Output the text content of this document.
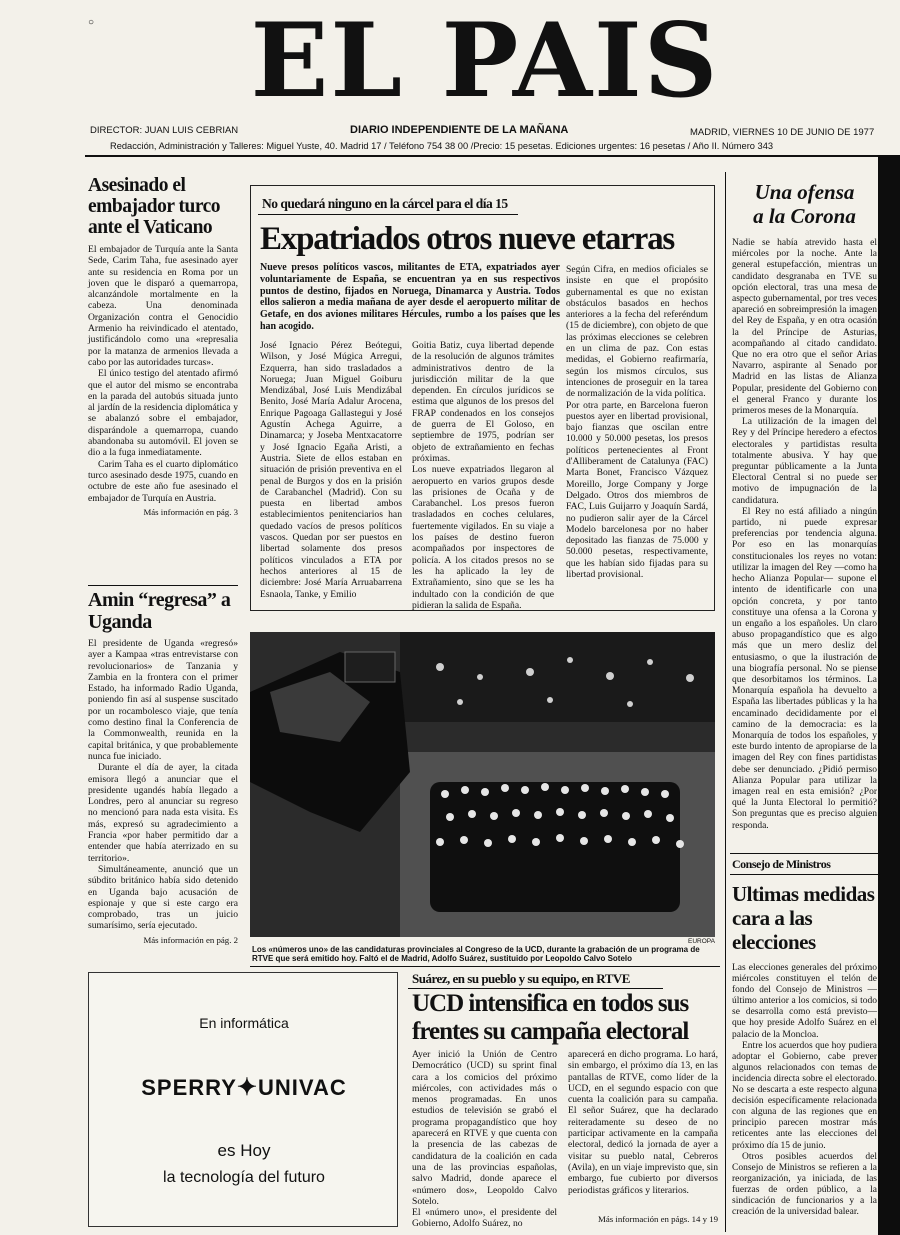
○ EL PAIS
DIRECTOR: JUAN LUIS CEBRIAN	DIARIO INDEPENDIENTE DE LA MAÑANA	MADRID, VIERNES 10 DE JUNIO DE 1977
Redacción, Administración y Talleres: Miguel Yuste, 40. Madrid 17 / Teléfono 754 38 00 /Precio: 15 pesetas. Ediciones urgentes: 16 pesetas / Año II. Número 343
Asesinado el embajador turco ante el Vaticano

El embajador de Turquía ante la Santa Sede, Carim Taha, fue asesinado ayer ante su residencia en Roma por un joven que le disparó a quemarropa, alcanzándole mortalmente en la cabeza. Una denominada Organización contra el Genocidio Armenio ha reivindicado el atentado, justificándolo como una «represalia por la matanza de armenios llevada a cabo por las autoridades turcas».

El único testigo del atentado afirmó que el autor del mismo se encontraba en la parada del autobús situada junto al jardín de la residencia diplomática y se abalanzó sobre el embajador, disparándole a quemarropa, cuando abandonaba su automóvil. El joven se dio a la fuga inmediatamente.

Carim Taha es el cuarto diplomático turco asesinado desde 1975, cuando en octubre de este año fue asesinado el embajador de Turquía en Austria.

Más información en pág. 3
Amin “regresa” a Uganda

El presidente de Uganda «regresó» ayer a Kampaa «tras entrevistarse con revolucionarios» de Tanzania y Zambia en la frontera con el primer Estado, ha informado Radio Uganda, poniendo fin así al suspense suscitado por un rocambolesco viaje, que tenía como destino final la Conferencia de la Commonwealth, reunida en la capital británica, y que probablemente nunca fue iniciado.

Durante el día de ayer, la citada emisora llegó a anunciar que el presidente ugandés había llegado a Londres, pero al anunciar su regreso no mencionó para nada esta visita. Es más, expresó su agradecimiento a Francia «por haber permitido dar a entender que había aterrizado en su territorio».

Simultáneamente, anunció que un súbdito británico había sido detenido en Uganda bajo acusación de espionaje y que si este cargo era comprobado, tras un juicio sumarísimo, sería ejecutado.

Más información en pág. 2
No quedará ninguno en la cárcel para el día 15
Expatriados otros nueve etarras
Nueve presos políticos vascos, militantes de ETA, expatriados ayer voluntariamente de España, se encuentran ya en sus respectivos puntos de destino, fijados en Noruega, Dinamarca y Austria. Todos ellos salieron a media mañana de ayer desde el aeropuerto militar de Getafe, en dos aviones militares Hércules, rumbo a los países que les han acogido.
José Ignacio Pérez Beótegui, Wilson, y José Múgica Arregui, Ezquerra, han sido trasladados a Noruega; Juan Miguel Goiburu Mendizábal, José Luis Mendizábal Benito, José María Adalur Arocena, Enrique Pagoaga Gallastegui y José Agustín Achega Aguirre, a Dinamarca; y Joseba Mentxacatorre y José Ignacio Egaña Aristi, a Austria. Siete de ellos estaban en situación de prisión preventiva en el penal de Burgos y dos en la prisión de Carabanchel (Madrid). Con su puesta en libertad ambos establecimientos penitenciarios han quedado vacíos de presos políticos vascos. Quedan por ser puestos en libertad solamente dos presos políticos vinculados a ETA por hechos anteriores al 15 de diciembre: José María Arruabarrena Esnaola, Tanke, y Emilio
Goitia Batiz, cuya libertad depende de la resolución de algunos trámites administrativos dentro de la jurisdicción militar de la que dependen. En círculos jurídicos se estima que algunos de los presos del FRAP condenados en los consejos de guerra de El Goloso, en septiembre de 1975, podrían ser objeto de extrañamiento en fechas próximas.
Los nueve expatriados llegaron al aeropuerto en varios grupos desde las prisiones de Ocaña y de Carabanchel. Los presos fueron trasladados en coches celulares, fuertemente vigilados. En su viaje a los países de destino fueron acompañados por inspectores de policía. A los citados presos no se les ha aplicado la ley de Extrañamiento, sino que se les ha indultado con la condición de que pidieran la salida de España.
Según Cifra, en medios oficiales se insiste en que el propósito gubernamental es que no existan obstáculos basados en hechos anteriores a la fecha del referéndum (15 de diciembre), con objeto de que las próximas elecciones se celebren en un clima de paz. Con estas medidas, el Gobierno reafirmaría, según los mismos círculos, sus intenciones de proseguir en la tarea de normalización de la vida política.
Por otra parte, en Barcelona fueron puestos ayer en libertad provisional, bajo fianzas que oscilan entre 10.000 y 50.000 pesetas, los presos políticos pertenecientes al Front d'Alliberament de Catalunya (FAC) Marta Bonet, Francisco Vázquez Moreillo, Jorge Company y Jorge Delgado. Otros dos miembros de FAC, Luis Guijarro y Joaquín Sardá, no pudieron salir ayer de la Cárcel Modelo barcelonesa por no haber depositado las fianzas de 75.000 y 50.000 pesetas, respectivamente, que les habían sido fijadas para su libertad provisional.
EUROPA
Los «números uno» de las candidaturas provinciales al Congreso de la UCD, durante la grabación de un programa de RTVE que será emitido hoy. Faltó el de Madrid, Adolfo Suárez, sustituido por Leopoldo Calvo Sotelo
En informática
SPERRY✦UNIVAC
es Hoy
la tecnología del futuro
Suárez, en su pueblo y su equipo, en RTVE
UCD intensifica en todos sus frentes su campaña electoral
Ayer inició la Unión de Centro Democrático (UCD) su sprint final cara a los comicios del próximo miércoles, con actividades más o menos programadas. En unos estudios de televisión se grabó el programa propagandístico que hoy aparecerá en RTVE y que cuenta con la presencia de las cabezas de candidatura de la coalición en cada una de las provincias españolas, salvo Madrid, donde aparece el «número dos», Leopoldo Calvo Sotelo.
El «número uno», el presidente del Gobierno, Adolfo Suárez, no
aparecerá en dicho programa. Lo hará, sin embargo, el próximo día 13, en las pantallas de RTVE, como líder de la UCD, en el segundo espacio con que cuenta la coalición para su campaña. El señor Suárez, que ha declarado reiteradamente su deseo de no participar activamente en la campaña electoral, dedicó la jornada de ayer a visitar su pueblo natal, Cebreros (Avila), en un viaje imprevisto que, sin embargo, fue cubierto por diversos periodistas gráficos y literarios.
Más información en págs. 14 y 19
Una ofensa
a la Corona

Nadie se había atrevido hasta el miércoles por la noche. Ante la general estupefacción, mientras un candidato desgranaba en TVE su opción electoral, tras una mesa de aspecto gubernamental, por tres veces apareció en sobreimpresión la imagen del Rey de España, y en otra ocasión la del Príncipe de Asturias, acompañando al citado candidato. Que no era otro que el señor Arias Navarro, aspirante al Senado por Madrid en las listas de Alianza Popular, presidente del Gobierno con el general Franco y durante los primeros meses de la Monarquía.

La utilización de la imagen del Rey y del Príncipe heredero a efectos electorales y partidistas resulta totalmente abusiva. Y hay que preguntar públicamente a la Junta Electoral Central si no puede ser motivo de impugnación de la candidatura.

El Rey no está afiliado a ningún partido, ni puede expresar preferencias por tendencia alguna. Por eso en las monarquías constitucionales los reyes no votan: utilizar la imagen del Rey —como ha hecho Alianza Popular— supone el intento de identificarle con una opción concreta, y por tanto constituye una ofensa a la Corona y un engaño a los españoles. Un claro abuso propagandístico que es algo más que un mero desliz del entusiasmo, o que la ilustración de una biografía personal. No se piense que desorbitamos los términos. La Monarquía española ha devuelto a España las libertades públicas y la ha encaminado decididamente por el camino de la democracia: es la Monarquía de todos los españoles, y este burdo intento de apropiarse de la imagen del Rey con fines partidistas debe ser denunciado. ¿Pidió permiso Alianza Popular para utilizar la imagen real en esta emisión? ¿Por qué la Junta Electoral lo permitió? Son preguntas que es preciso alguien responda.

Consejo de Ministros
Ultimas medidas cara a las elecciones

Las elecciones generales del próximo miércoles constituyen el telón de fondo del Consejo de Ministros —último anterior a los comicios, si todo se desarrolla como está previsto— que hoy preside Adolfo Suárez en el palacio de la Moncloa.

Entre los acuerdos que hoy pudiera adoptar el Gobierno, cabe prever algunos relacionados con temas de incidencia directa sobre el electorado. No se descarta a este respecto alguna decisión específicamente relacionada con alguna de las regiones que en principio parecen mostrar más reticentes ante las elecciones del próximo día 15 de junio.

Otros posibles acuerdos del Consejo de Ministros se refieren a la reorganización, ya iniciada, de las fuerzas de orden público, a la sindicación de funcionarios y a la creación de la universidad balear.
